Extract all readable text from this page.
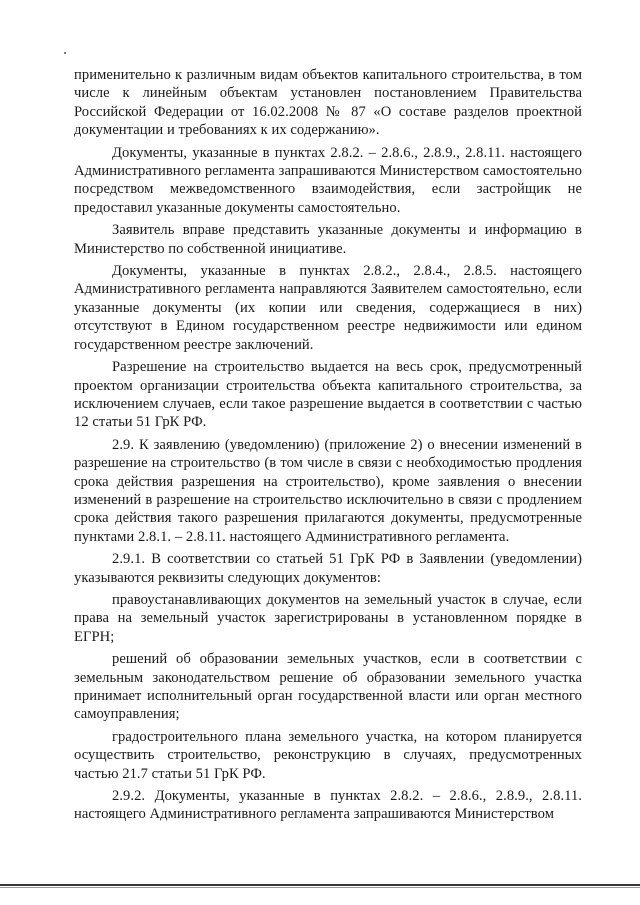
применительно к различным видам объектов капитального строительства, в том числе к линейным объектам установлен постановлением Правительства Российской Федерации от 16.02.2008 № 87 «О составе разделов проектной документации и требованиях к их содержанию».

Документы, указанные в пунктах 2.8.2. – 2.8.6., 2.8.9., 2.8.11. настоящего Административного регламента запрашиваются Министерством самостоятельно посредством межведомственного взаимодействия, если застройщик не предоставил указанные документы самостоятельно.

Заявитель вправе представить указанные документы и информацию в Министерство по собственной инициативе.

Документы, указанные в пунктах 2.8.2., 2.8.4., 2.8.5. настоящего Административного регламента направляются Заявителем самостоятельно, если указанные документы (их копии или сведения, содержащиеся в них) отсутствуют в Едином государственном реестре недвижимости или едином государственном реестре заключений.

Разрешение на строительство выдается на весь срок, предусмотренный проектом организации строительства объекта капитального строительства, за исключением случаев, если такое разрешение выдается в соответствии с частью 12 статьи 51 ГрК РФ.

2.9. К заявлению (уведомлению) (приложение 2) о внесении изменений в разрешение на строительство (в том числе в связи с необходимостью продления срока действия разрешения на строительство), кроме заявления о внесении изменений в разрешение на строительство исключительно в связи с продлением срока действия такого разрешения прилагаются документы, предусмотренные пунктами 2.8.1. – 2.8.11. настоящего Административного регламента.

2.9.1. В соответствии со статьей 51 ГрК РФ в Заявлении (уведомлении) указываются реквизиты следующих документов:

правоустанавливающих документов на земельный участок в случае, если права на земельный участок зарегистрированы в установленном порядке в ЕГРН;

решений об образовании земельных участков, если в соответствии с земельным законодательством решение об образовании земельного участка принимает исполнительный орган государственной власти или орган местного самоуправления;

градостроительного плана земельного участка, на котором планируется осуществить строительство, реконструкцию в случаях, предусмотренных частью 21.7 статьи 51 ГрК РФ.

2.9.2. Документы, указанные в пунктах 2.8.2. – 2.8.6., 2.8.9., 2.8.11. настоящего Административного регламента запрашиваются Министерством
